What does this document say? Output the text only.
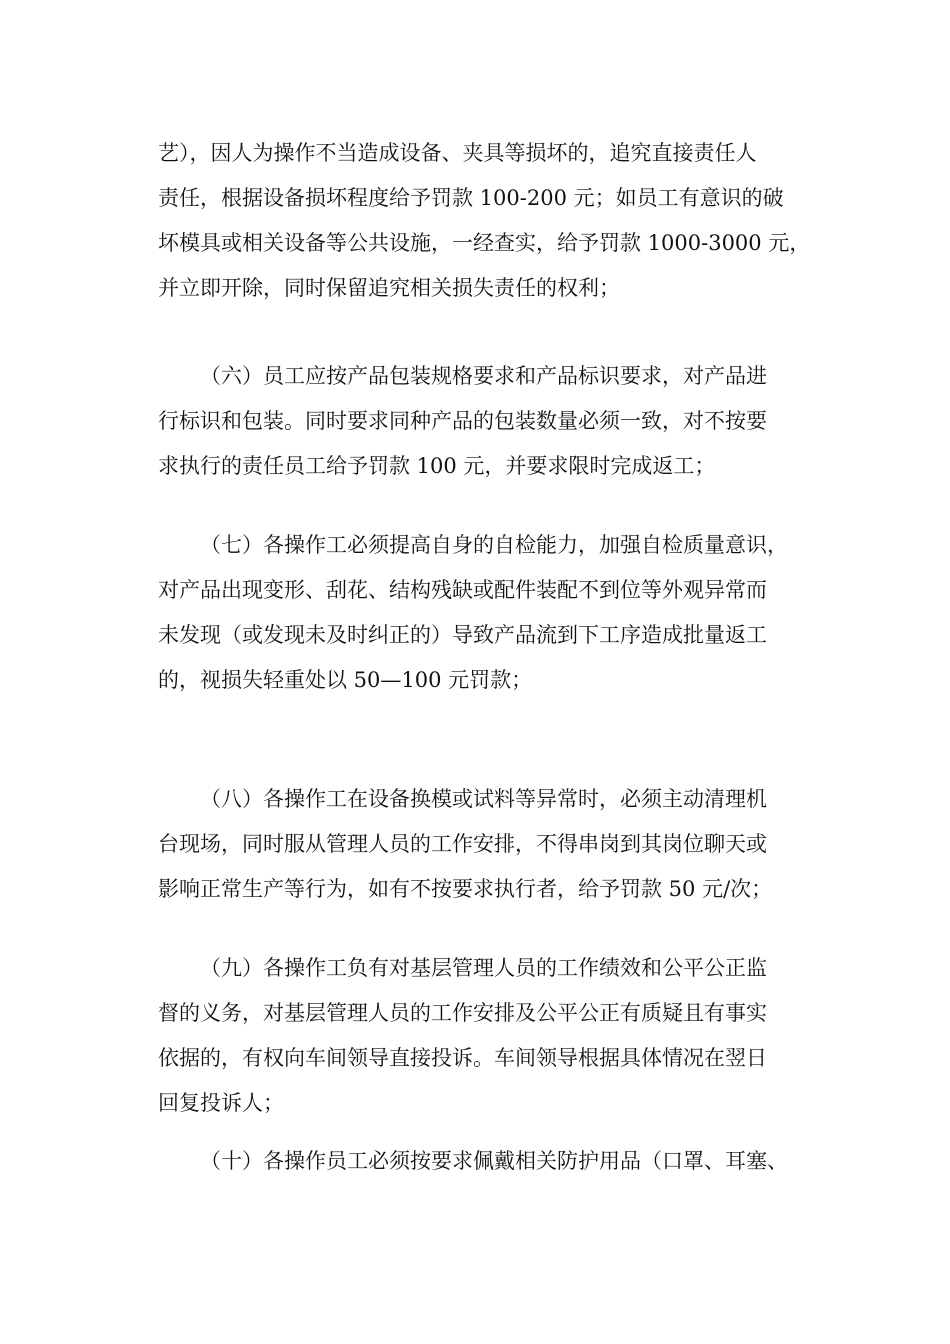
艺），因人为操作不当造成设备、夹具等损坏的，追究直接责任人
责任，根据设备损坏程度给予罚款 100-200 元；如员工有意识的破
坏模具或相关设备等公共设施，一经查实，给予罚款 1000-3000 元，
并立即开除，同时保留追究相关损失责任的权利；
（六）员工应按产品包装规格要求和产品标识要求，对产品进
行标识和包装。同时要求同种产品的包装数量必须一致，对不按要
求执行的责任员工给予罚款 100 元，并要求限时完成返工；
（七）各操作工必须提高自身的自检能力，加强自检质量意识，
对产品出现变形、刮花、结构残缺或配件装配不到位等外观异常而
未发现（或发现未及时纠正的）导致产品流到下工序造成批量返工
的，视损失轻重处以 50—100 元罚款；
（八）各操作工在设备换模或试料等异常时，必须主动清理机
台现场，同时服从管理人员的工作安排，不得串岗到其岗位聊天或
影响正常生产等行为，如有不按要求执行者，给予罚款 50 元/次；
（九）各操作工负有对基层管理人员的工作绩效和公平公正监
督的义务，对基层管理人员的工作安排及公平公正有质疑且有事实
依据的，有权向车间领导直接投诉。车间领导根据具体情况在翌日
回复投诉人；
（十）各操作员工必须按要求佩戴相关防护用品（口罩、耳塞、
